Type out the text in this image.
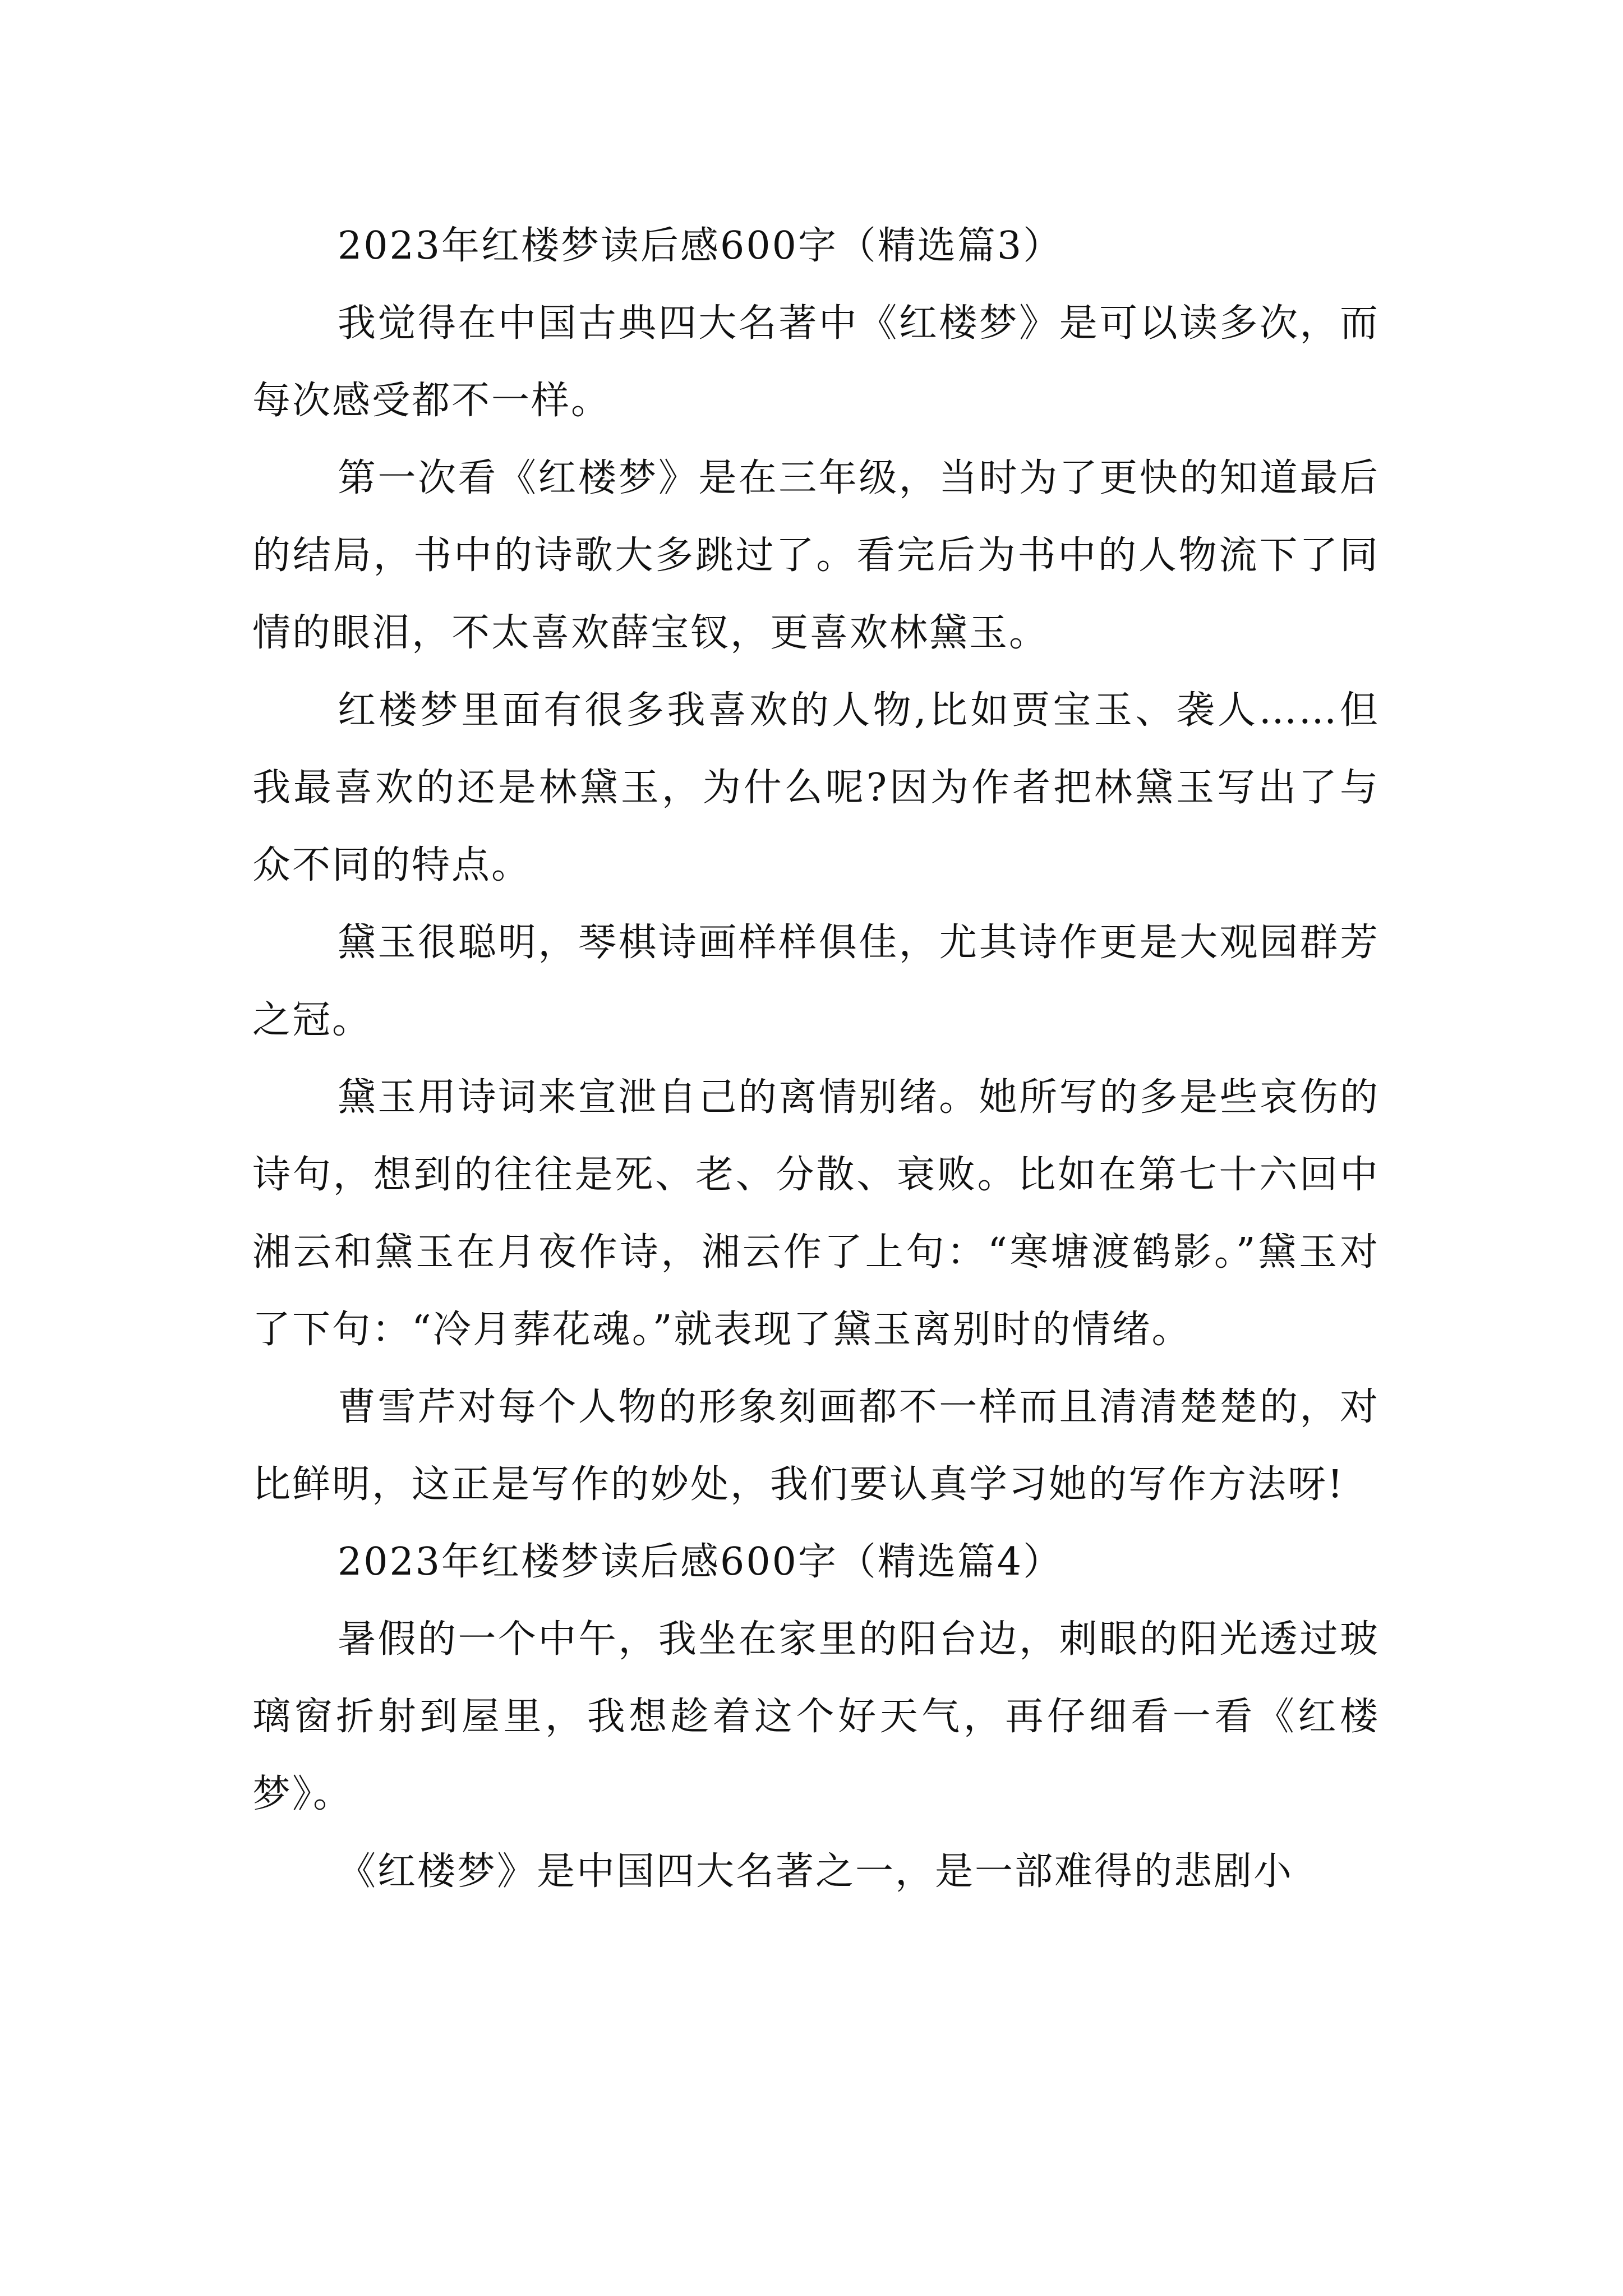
2023年红楼梦读后感600字（精选篇3）

我觉得在中国古典四大名著中《红楼梦》是可以读多次，而每次感受都不一样。

第一次看《红楼梦》是在三年级，当时为了更快的知道最后的结局，书中的诗歌大多跳过了。看完后为书中的人物流下了同情的眼泪，不太喜欢薛宝钗，更喜欢林黛玉。

红楼梦里面有很多我喜欢的人物,比如贾宝玉、袭人……但我最喜欢的还是林黛玉，为什么呢?因为作者把林黛玉写出了与众不同的特点。

黛玉很聪明，琴棋诗画样样俱佳，尤其诗作更是大观园群芳之冠。

黛玉用诗词来宣泄自己的离情别绪。她所写的多是些哀伤的诗句，想到的往往是死、老、分散、衰败。比如在第七十六回中湘云和黛玉在月夜作诗，湘云作了上句：“寒塘渡鹤影。”黛玉对了下句：“冷月葬花魂。”就表现了黛玉离别时的情绪。

曹雪芹对每个人物的形象刻画都不一样而且清清楚楚的，对比鲜明，这正是写作的妙处，我们要认真学习她的写作方法呀!

2023年红楼梦读后感600字（精选篇4）

暑假的一个中午，我坐在家里的阳台边，刺眼的阳光透过玻璃窗折射到屋里，我想趁着这个好天气，再仔细看一看《红楼梦》。

《红楼梦》是中国四大名著之一，是一部难得的悲剧小
